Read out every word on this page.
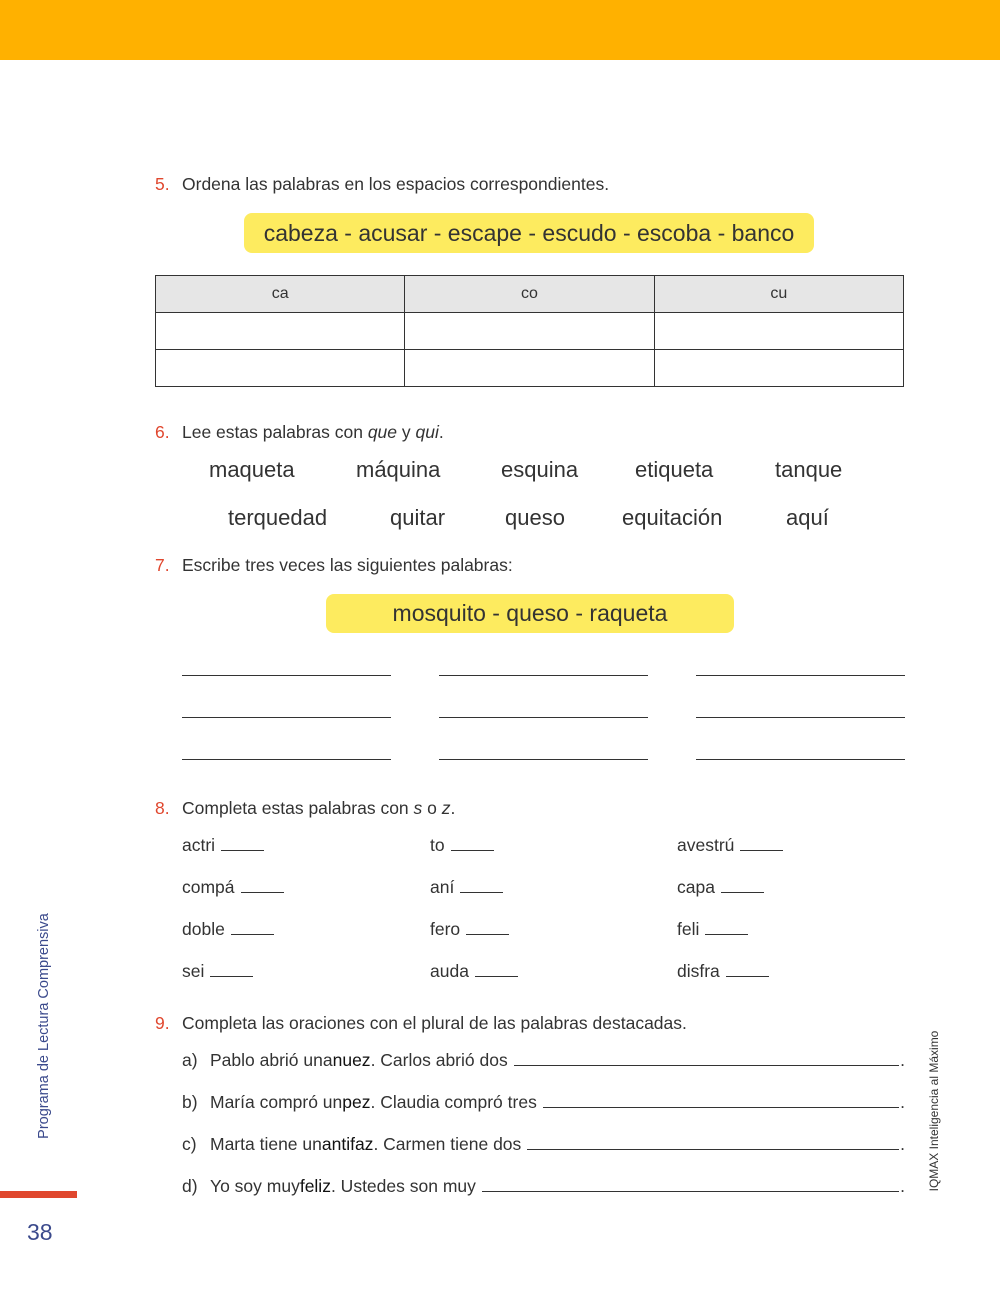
5. Ordena las palabras en los espacios correspondientes.
cabeza - acusar - escape - escudo - escoba - banco
ca	co	cu

6. Lee estas palabras con que y qui.
maqueta	máquina	esquina	etiqueta	tanque
terquedad	quitar	queso	equitación	aquí
7. Escribe tres veces las siguientes palabras:
mosquito - queso - raqueta
8. Completa estas palabras con s o z.
actri	to	avestrú
compá	aní	capa
doble	fero	feli
sei	auda	disfra
9. Completa las oraciones con el plural de las palabras destacadas.
a) Pablo abrió una nuez . Carlos abrió dos	.
b) María compró un pez . Claudia compró tres	.
c) Marta tiene un antifaz . Carmen tiene dos	.
d) Yo soy muy feliz . Ustedes son muy	.
Programa de Lectura Comprensiva	IQMAX Inteligencia al Máximo
38
